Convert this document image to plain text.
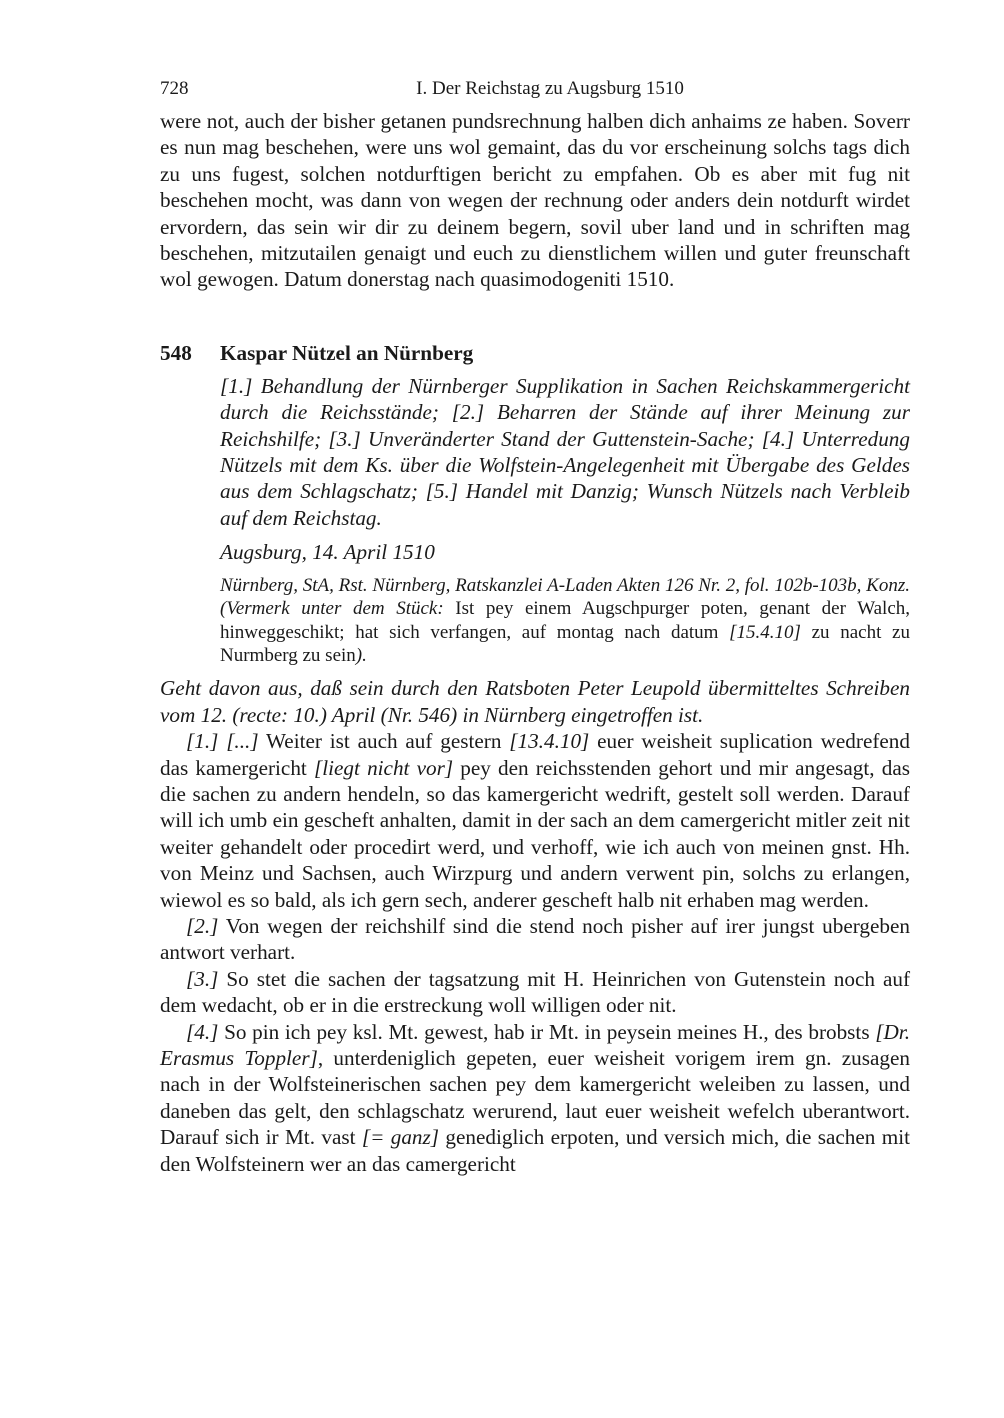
728	I. Der Reichstag zu Augsburg 1510

were not, auch der bisher getanen pundsrechnung halben dich anhaims ze haben. Soverr es nun mag beschehen, were uns wol gemaint, das du vor erscheinung solchs tags dich zu uns fugest, solchen notdurftigen bericht zu empfahen. Ob es aber mit fug nit beschehen mocht, was dann von wegen der rechnung oder anders dein notdurft wirdet ervordern, das sein wir dir zu deinem begern, sovil uber land und in schriften mag beschehen, mitzutailen genaigt und euch zu dienstlichem willen und guter freunschaft wol gewogen. Datum donerstag nach quasimodogeniti 1510.

548 Kaspar Nützel an Nürnberg

[1.] Behandlung der Nürnberger Supplikation in Sachen Reichskammergericht durch die Reichsstände; [2.] Beharren der Stände auf ihrer Meinung zur Reichshilfe; [3.] Unveränderter Stand der Guttenstein-Sache; [4.] Unterredung Nützels mit dem Ks. über die Wolfstein-Angelegenheit mit Übergabe des Geldes aus dem Schlagschatz; [5.] Handel mit Danzig; Wunsch Nützels nach Verbleib auf dem Reichstag.

Augsburg, 14. April 1510

Nürnberg, StA, Rst. Nürnberg, Ratskanzlei A-Laden Akten 126 Nr. 2, fol. 102b-103b, Konz. (Vermerk unter dem Stück: Ist pey einem Augschpurger poten, genant der Walch, hinweggeschikt; hat sich verfangen, auf montag nach datum [15.4.10] zu nacht zu Nurmberg zu sein).

Geht davon aus, daß sein durch den Ratsboten Peter Leupold übermitteltes Schreiben vom 12. (recte: 10.) April (Nr. 546) in Nürnberg eingetroffen ist.

[1.] [...] Weiter ist auch auf gestern [13.4.10] euer weisheit suplication wedrefend das kamergericht [liegt nicht vor] pey den reichsstenden gehort und mir angesagt, das die sachen zu andern hendeln, so das kamergericht wedrift, gestelt soll werden. Darauf will ich umb ein gescheft anhalten, damit in der sach an dem camergericht mitler zeit nit weiter gehandelt oder procedirt werd, und verhoff, wie ich auch von meinen gnst. Hh. von Meinz und Sachsen, auch Wirzpurg und andern verwent pin, solchs zu erlangen, wiewol es so bald, als ich gern sech, anderer gescheft halb nit erhaben mag werden.

[2.] Von wegen der reichshilf sind die stend noch pisher auf irer jungst ubergeben antwort verhart.

[3.] So stet die sachen der tagsatzung mit H. Heinrichen von Gutenstein noch auf dem wedacht, ob er in die erstreckung woll willigen oder nit.

[4.] So pin ich pey ksl. Mt. gewest, hab ir Mt. in peysein meines H., des brobsts [Dr. Erasmus Toppler], unterdeniglich gepeten, euer weisheit vorigem irem gn. zusagen nach in der Wolfsteinerischen sachen pey dem kamergericht weleiben zu lassen, und daneben das gelt, den schlagschatz werurend, laut euer weisheit wefelch uberantwort. Darauf sich ir Mt. vast [= ganz] genediglich erpoten, und versich mich, die sachen mit den Wolfsteinern wer an das camergericht
